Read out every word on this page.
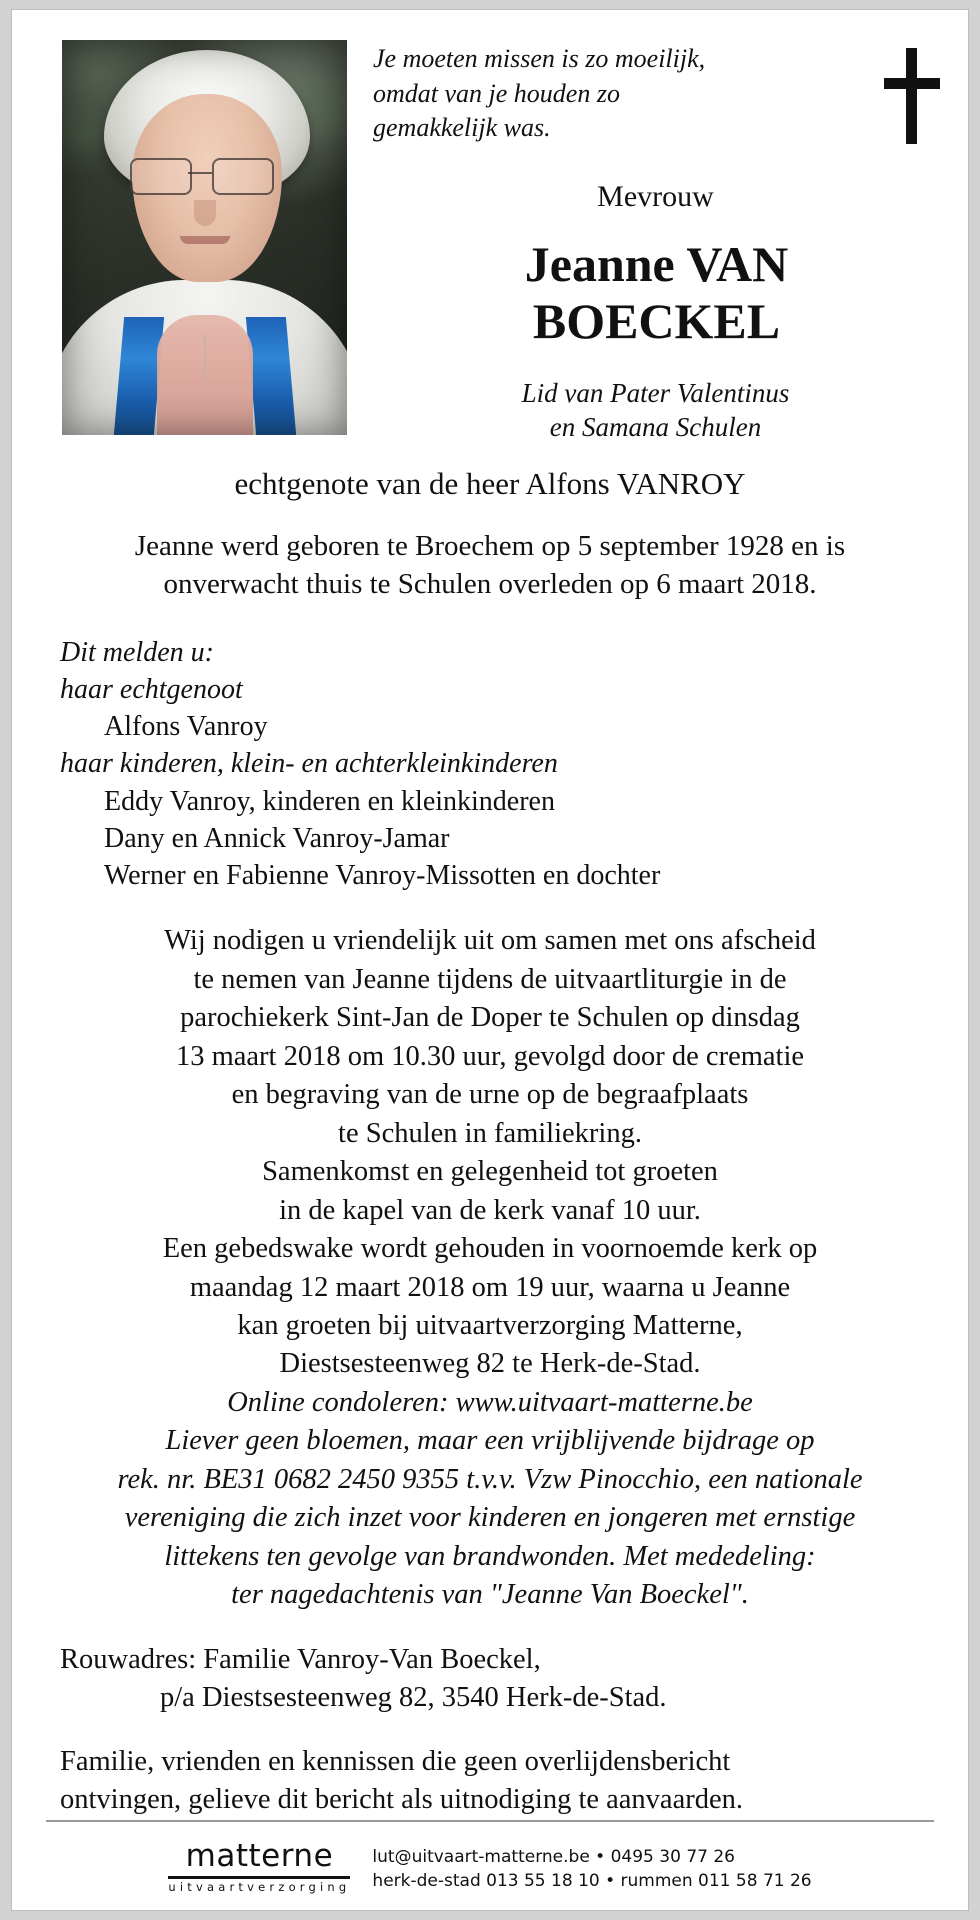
Je moeten missen is zo moeilijk, omdat van je houden zo gemakkelijk was.
Mevrouw
Jeanne VAN
BOECKEL
Lid van Pater Valentinus
en Samana Schulen
echtgenote van de heer Alfons VANROY
Jeanne werd geboren te Broechem op 5 september 1928 en is
onverwacht thuis te Schulen overleden op 6 maart 2018.
Dit melden u:
haar echtgenoot
Alfons Vanroy
haar kinderen, klein- en achterkleinkinderen
Eddy Vanroy, kinderen en kleinkinderen
Dany en Annick Vanroy-Jamar
Werner en Fabienne Vanroy-Missotten en dochter
Wij nodigen u vriendelijk uit om samen met ons afscheid
te nemen van Jeanne tijdens de uitvaartliturgie in de
parochiekerk Sint-Jan de Doper te Schulen op dinsdag
13 maart 2018 om 10.30 uur, gevolgd door de crematie
en begraving van de urne op de begraafplaats
te Schulen in familiekring.
Samenkomst en gelegenheid tot groeten
in de kapel van de kerk vanaf 10 uur.
Een gebedswake wordt gehouden in voornoemde kerk op
maandag 12 maart 2018 om 19 uur, waarna u Jeanne
kan groeten bij uitvaartverzorging Matterne,
Diestsesteenweg 82 te Herk-de-Stad.
Online condoleren: www.uitvaart-matterne.be
Liever geen bloemen, maar een vrijblijvende bijdrage op
rek. nr. BE31 0682 2450 9355 t.v.v. Vzw Pinocchio, een nationale
vereniging die zich inzet voor kinderen en jongeren met ernstige
littekens ten gevolge van brandwonden. Met mededeling:
ter nagedachtenis van "Jeanne Van Boeckel".
Rouwadres: Familie Vanroy-Van Boeckel,
p/a Diestsesteenweg 82, 3540 Herk-de-Stad.
Familie, vrienden en kennissen die geen overlijdensbericht
ontvingen, gelieve dit bericht als uitnodiging te aanvaarden.
matterne
uitvaartverzorging
lut@uitvaart-matterne.be • 0495 30 77 26
herk-de-stad 013 55 18 10 • rummen 011 58 71 26
